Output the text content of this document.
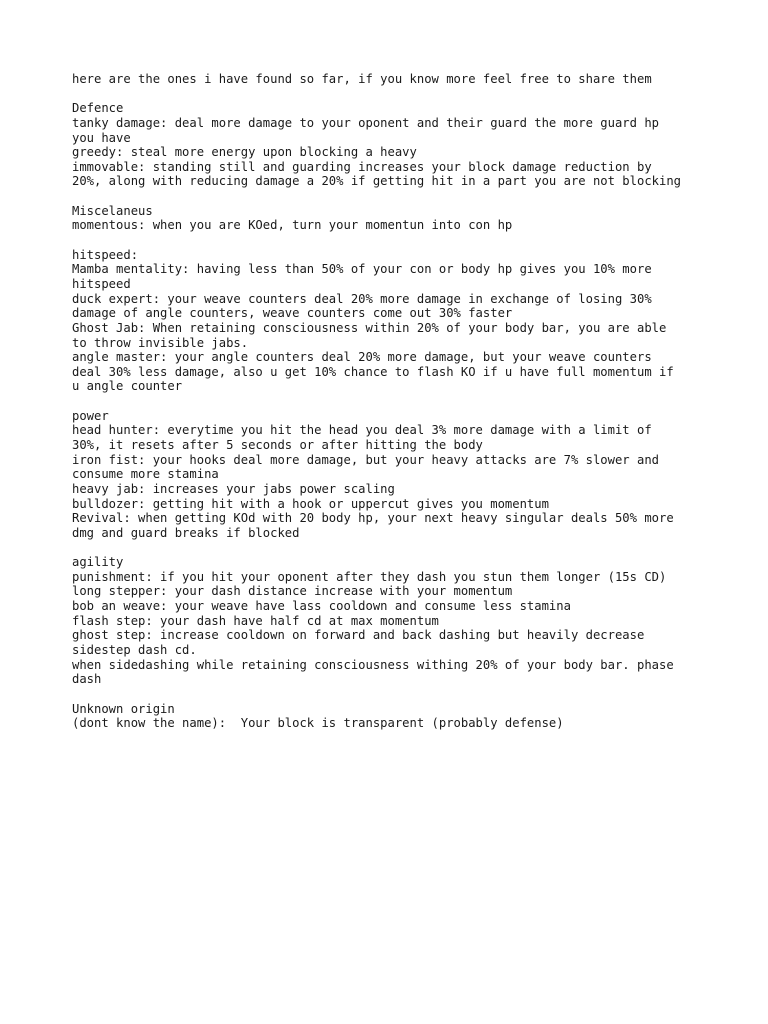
here are the ones i have found so far, if you know more feel free to share them
Defence
tanky damage: deal more damage to your oponent and their guard the more guard hp
you have
greedy: steal more energy upon blocking a heavy
immovable: standing still and guarding increases your block damage reduction by
20%, along with reducing damage a 20% if getting hit in a part you are not blocking
Miscelaneus
momentous: when you are KOed, turn your momentun into con hp
hitspeed:
Mamba mentality: having less than 50% of your con or body hp gives you 10% more
hitspeed
duck expert: your weave counters deal 20% more damage in exchange of losing 30%
damage of angle counters, weave counters come out 30% faster
Ghost Jab: When retaining consciousness within 20% of your body bar, you are able
to throw invisible jabs.
angle master: your angle counters deal 20% more damage, but your weave counters
deal 30% less damage, also u get 10% chance to flash KO if u have full momentum if
u angle counter
power
head hunter: everytime you hit the head you deal 3% more damage with a limit of
30%, it resets after 5 seconds or after hitting the body
iron fist: your hooks deal more damage, but your heavy attacks are 7% slower and
consume more stamina
heavy jab: increases your jabs power scaling
bulldozer: getting hit with a hook or uppercut gives you momentum
Revival: when getting KOd with 20 body hp, your next heavy singular deals 50% more
dmg and guard breaks if blocked
agility
punishment: if you hit your oponent after they dash you stun them longer (15s CD)
long stepper: your dash distance increase with your momentum
bob an weave: your weave have lass cooldown and consume less stamina
flash step: your dash have half cd at max momentum
ghost step: increase cooldown on forward and back dashing but heavily decrease
sidestep dash cd.
when sidedashing while retaining consciousness withing 20% of your body bar. phase
dash
Unknown origin
(dont know the name):  Your block is transparent (probably defense)
